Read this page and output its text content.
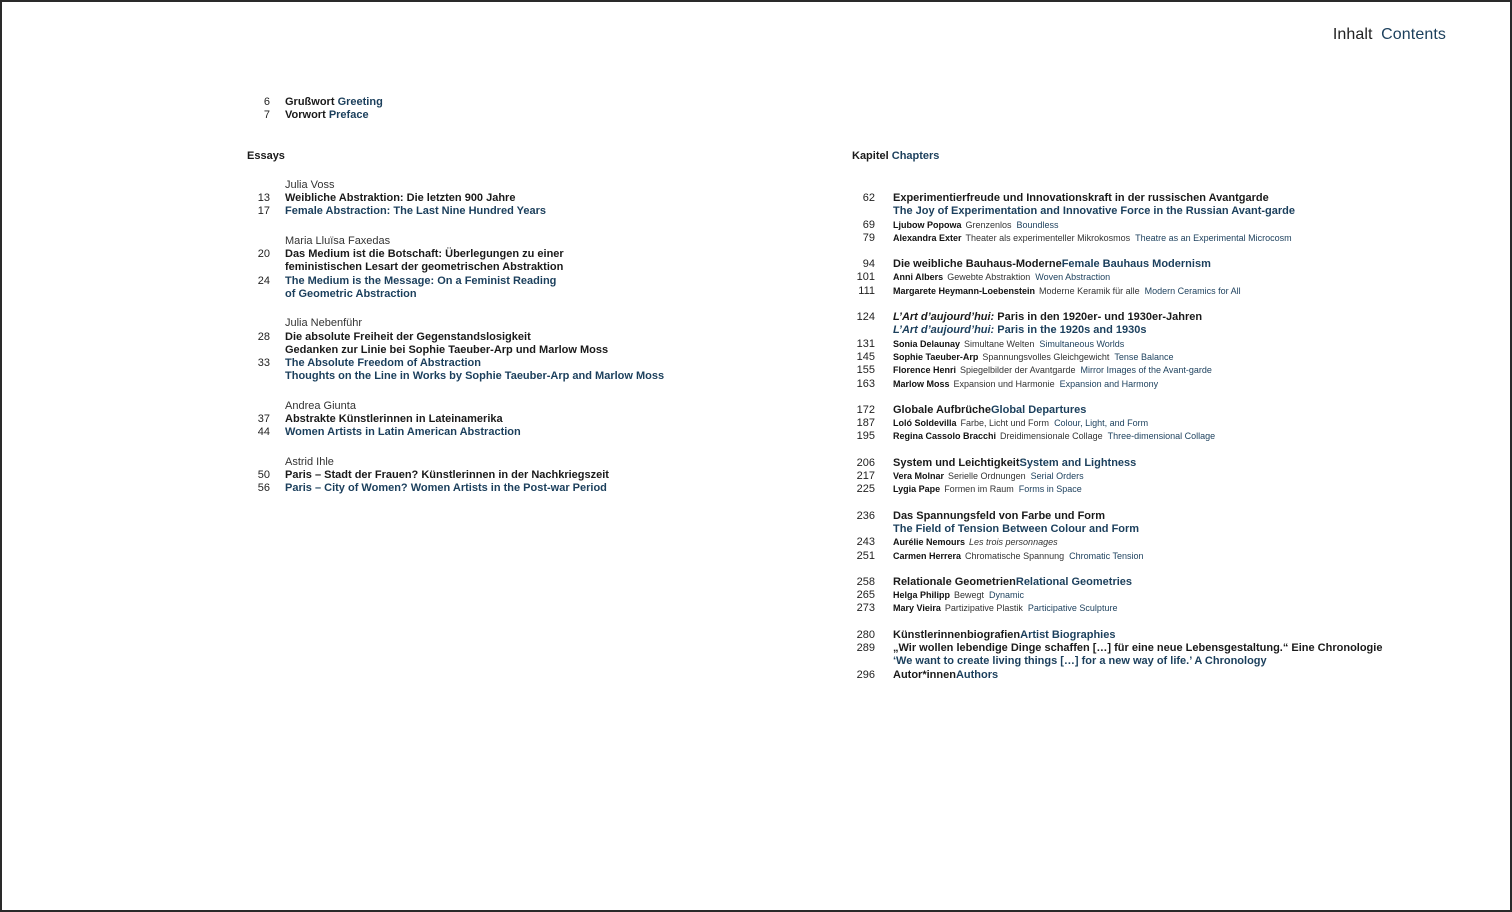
Inhalt Contents
6 Grußwort Greeting
7 Vorwort Preface
Essays
Julia Voss
13 Weibliche Abstraktion: Die letzten 900 Jahre
17 Female Abstraction: The Last Nine Hundred Years
Maria Lluïsa Faxedas
20 Das Medium ist die Botschaft: Überlegungen zu einer
feministischen Lesart der geometrischen Abstraktion
24 The Medium is the Message: On a Feminist Reading
of Geometric Abstraction
Julia Nebenführ
28 Die absolute Freiheit der Gegenstandslosigkeit
Gedanken zur Linie bei Sophie Taeuber-Arp und Marlow Moss
33 The Absolute Freedom of Abstraction
Thoughts on the Line in Works by Sophie Taeuber-Arp and Marlow Moss
Andrea Giunta
37 Abstrakte Künstlerinnen in Lateinamerika
44 Women Artists in Latin American Abstraction
Astrid Ihle
50 Paris – Stadt der Frauen? Künstlerinnen in der Nachkriegszeit
56 Paris – City of Women? Women Artists in the Post-war Period
Kapitel Chapters
62 Experimentierfreude und Innovationskraft in der russischen Avantgarde
The Joy of Experimentation and Innovative Force in the Russian Avant-garde
69 Ljubow Popowa Grenzenlos Boundless
79 Alexandra Exter Theater als experimenteller Mikrokosmos Theatre as an Experimental Microcosm
94 Die weibliche Bauhaus-ModerneFemale Bauhaus Modernism
101 Anni Albers Gewebte Abstraktion Woven Abstraction
111 Margarete Heymann-Loebenstein Moderne Keramik für alle Modern Ceramics for All
124 L’Art d’aujourd’hui: Paris in den 1920er- und 1930er-Jahren
L’Art d’aujourd’hui: Paris in the 1920s and 1930s
131 Sonia Delaunay Simultane Welten Simultaneous Worlds
145 Sophie Taeuber-Arp Spannungsvolles Gleichgewicht Tense Balance
155 Florence Henri Spiegelbilder der Avantgarde Mirror Images of the Avant-garde
163 Marlow Moss Expansion und Harmonie Expansion and Harmony
172 Globale AufbrücheGlobal Departures
187 Loló Soldevilla Farbe, Licht und Form Colour, Light, and Form
195 Regina Cassolo Bracchi Dreidimensionale Collage Three-dimensional Collage
206 System und LeichtigkeitSystem and Lightness
217 Vera Molnar Serielle Ordnungen Serial Orders
225 Lygia Pape Formen im Raum Forms in Space
236 Das Spannungsfeld von Farbe und Form
The Field of Tension Between Colour and Form
243 Aurélie Nemours Les trois personnages
251 Carmen Herrera Chromatische Spannung Chromatic Tension
258 Relationale GeometrienRelational Geometries
265 Helga Philipp Bewegt Dynamic
273 Mary Vieira Partizipative Plastik Participative Sculpture
280 KünstlerinnenbiografienArtist Biographies
289 „Wir wollen lebendige Dinge schaffen […] für eine neue Lebensgestaltung.“ Eine Chronologie
‘We want to create living things […] for a new way of life.’ A Chronology
296 Autor*innenAuthors
